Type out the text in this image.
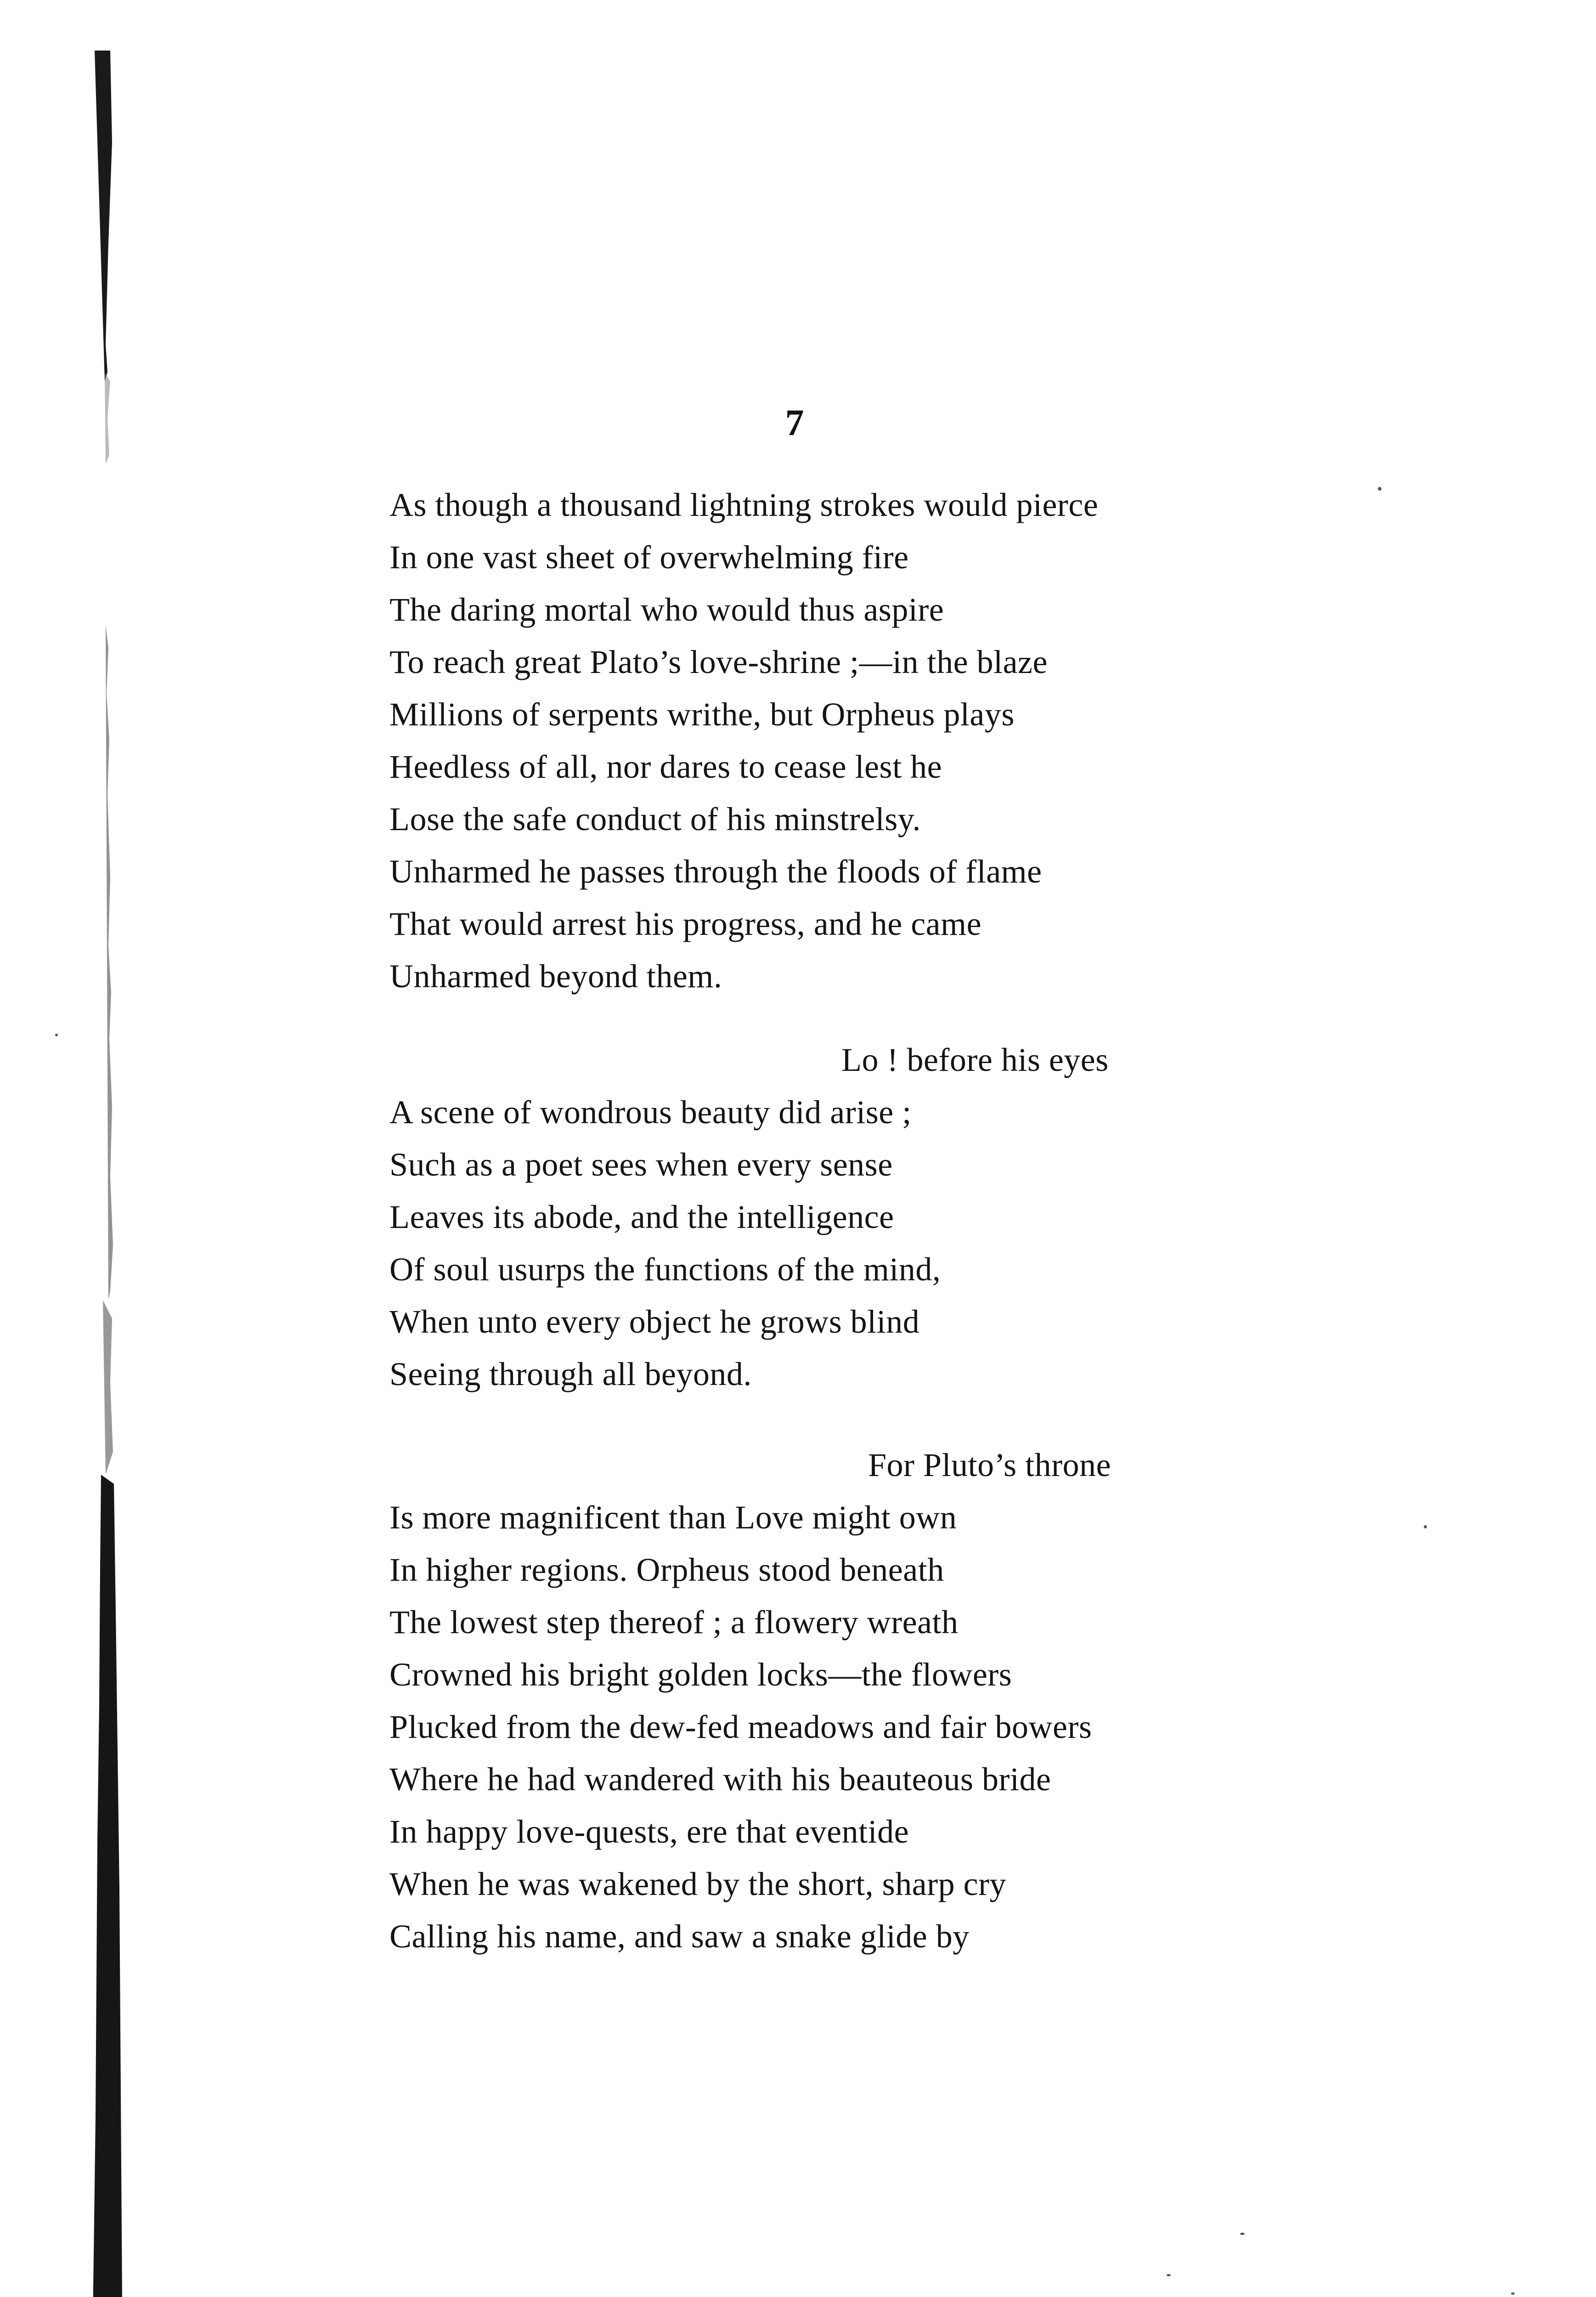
7
As though a thousand lightning strokes would pierce
In one vast sheet of overwhelming fire
The daring mortal who would thus aspire
To reach great Plato’s love-shrine ;—in the blaze
Millions of serpents writhe, but Orpheus plays
Heedless of all, nor dares to cease lest he
Lose the safe conduct of his minstrelsy.
Unharmed he passes through the floods of flame
That would arrest his progress, and he came
Unharmed beyond them.
Lo ! before his eyes
A scene of wondrous beauty did arise ;
Such as a poet sees when every sense
Leaves its abode, and the intelligence
Of soul usurps the functions of the mind,
When unto every object he grows blind
Seeing through all beyond.
For Pluto’s throne
Is more magnificent than Love might own
In higher regions. Orpheus stood beneath
The lowest step thereof ; a flowery wreath
Crowned his bright golden locks—the flowers
Plucked from the dew-fed meadows and fair bowers
Where he had wandered with his beauteous bride
In happy love-quests, ere that eventide
When he was wakened by the short, sharp cry
Calling his name, and saw a snake glide by
